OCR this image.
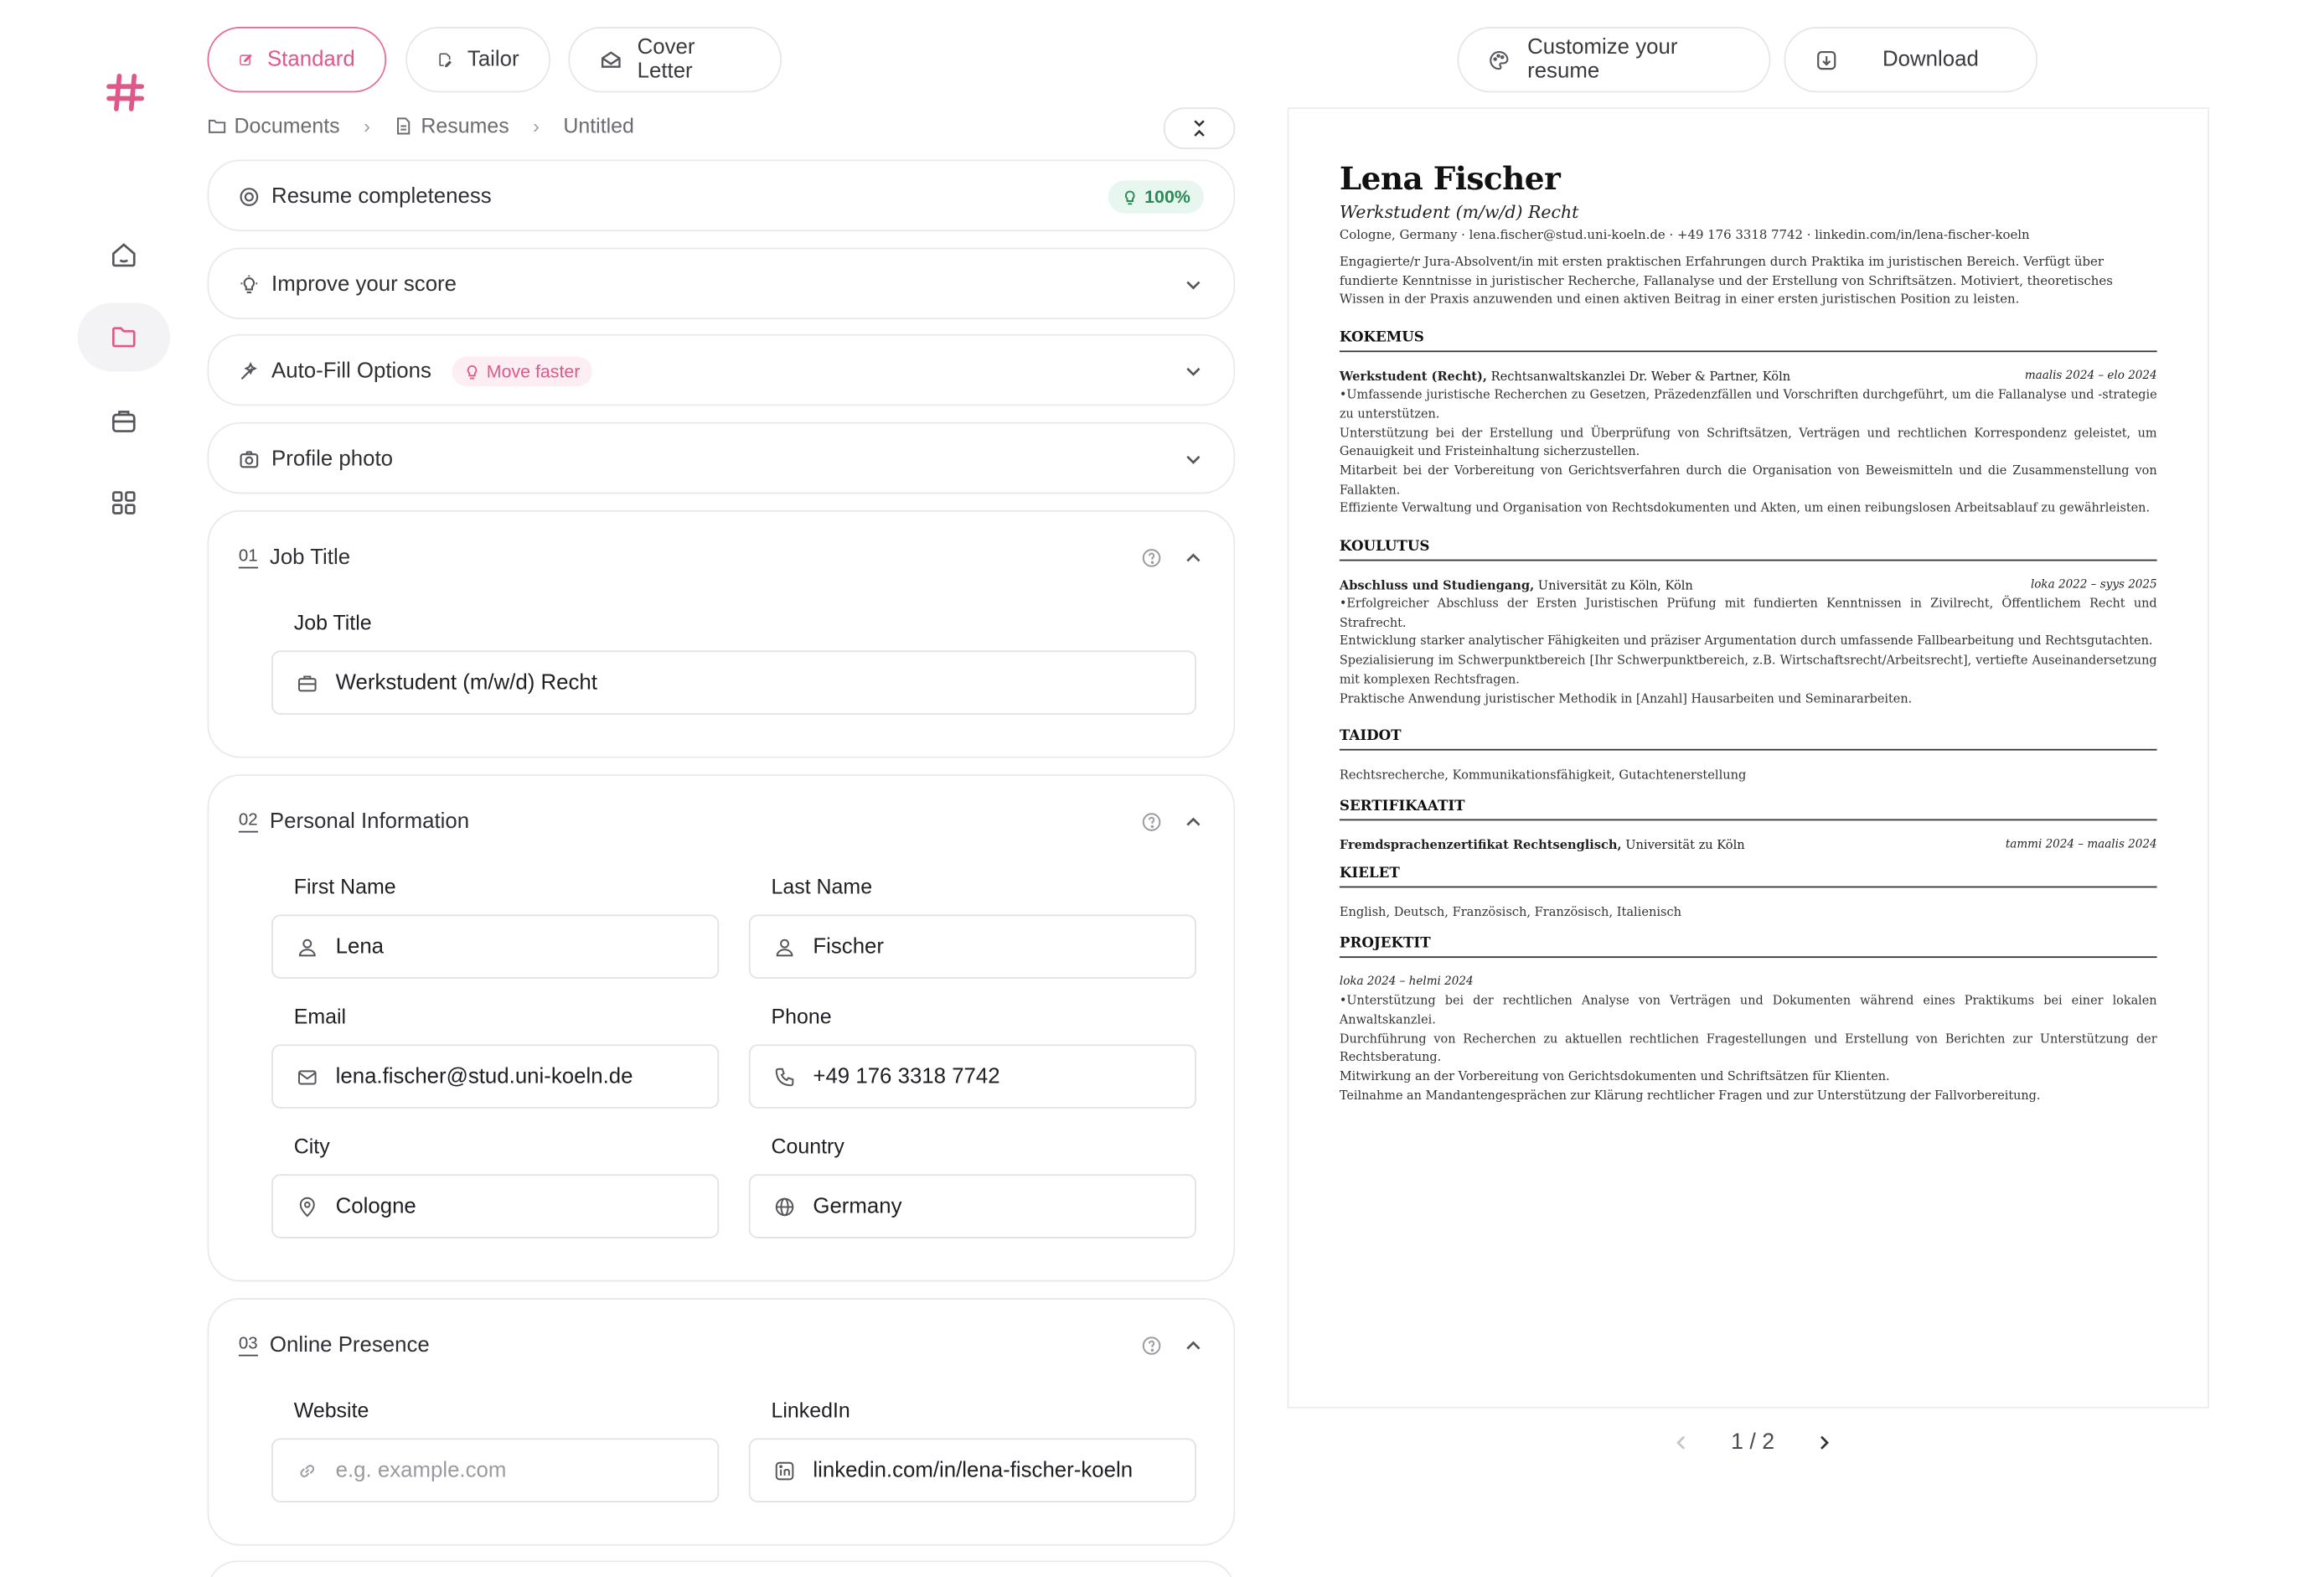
Standard	Tailor	Cover Letter
Documents ›	Resumes › Untitled
Resume completeness	100%
Improve your score
Auto-Fill Options	Move faster
Profile photo
01 Job Title
Job Title
Werkstudent (m/w/d) Recht
02 Personal Information
First Name
Lena
Last Name
Fischer
Email
lena.fischer@stud.uni-koeln.de
Phone
+49 176 3318 7742
City
Cologne
Country
Germany
03 Online Presence
Website
e.g. example.com
LinkedIn
linkedin.com/in/lena-fischer-koeln
Customize your resume	Download
Lena Fischer
Werkstudent (m/w/d) Recht
Cologne, Germany · lena.fischer@stud.uni-koeln.de · +49 176 3318 7742 · linkedin.com/in/lena-fischer-koeln
Engagierte/r Jura-Absolvent/in mit ersten praktischen Erfahrungen durch Praktika im juristischen Bereich. Verfügt über fundierte Kenntnisse in juristischer Recherche, Fallanalyse und der Erstellung von Schriftsätzen. Motiviert, theoretisches Wissen in der Praxis anzuwenden und einen aktiven Beitrag in einer ersten juristischen Position zu leisten.
KOKEMUS
Werkstudent (Recht), Rechtsanwaltskanzlei Dr. Weber & Partner, Köln	maalis 2024 – elo 2024
•Umfassende juristische Recherchen zu Gesetzen, Präzedenzfällen und Vorschriften durchgeführt, um die Fallanalyse und -strategie zu unterstützen.
Unterstützung bei der Erstellung und Überprüfung von Schriftsätzen, Verträgen und rechtlichen Korrespondenz geleistet, um Genauigkeit und Fristeinhaltung sicherzustellen.
Mitarbeit bei der Vorbereitung von Gerichtsverfahren durch die Organisation von Beweismitteln und die Zusammenstellung von Fallakten.
Effiziente Verwaltung und Organisation von Rechtsdokumenten und Akten, um einen reibungslosen Arbeitsablauf zu gewährleisten.
KOULUTUS
Abschluss und Studiengang, Universität zu Köln, Köln	loka 2022 – syys 2025
•Erfolgreicher Abschluss der Ersten Juristischen Prüfung mit fundierten Kenntnissen in Zivilrecht, Öffentlichem Recht und Strafrecht.
Entwicklung starker analytischer Fähigkeiten und präziser Argumentation durch umfassende Fallbearbeitung und Rechtsgutachten.
Spezialisierung im Schwerpunktbereich [Ihr Schwerpunktbereich, z.B. Wirtschaftsrecht/Arbeitsrecht], vertiefte Auseinandersetzung mit komplexen Rechtsfragen.
Praktische Anwendung juristischer Methodik in [Anzahl] Hausarbeiten und Seminararbeiten.
TAIDOT
Rechtsrecherche, Kommunikationsfähigkeit, Gutachtenerstellung
SERTIFIKAATIT
Fremdsprachenzertifikat Rechtsenglisch, Universität zu Köln	tammi 2024 – maalis 2024
KIELET
English, Deutsch, Französisch, Französisch, Italienisch
PROJEKTIT
loka 2024 – helmi 2024
•Unterstützung bei der rechtlichen Analyse von Verträgen und Dokumenten während eines Praktikums bei einer lokalen Anwaltskanzlei.
Durchführung von Recherchen zu aktuellen rechtlichen Fragestellungen und Erstellung von Berichten zur Unterstützung der Rechtsberatung.
Mitwirkung an der Vorbereitung von Gerichtsdokumenten und Schriftsätzen für Klienten.
Teilnahme an Mandantengesprächen zur Klärung rechtlicher Fragen und zur Unterstützung der Fallvorbereitung.
1 / 2
